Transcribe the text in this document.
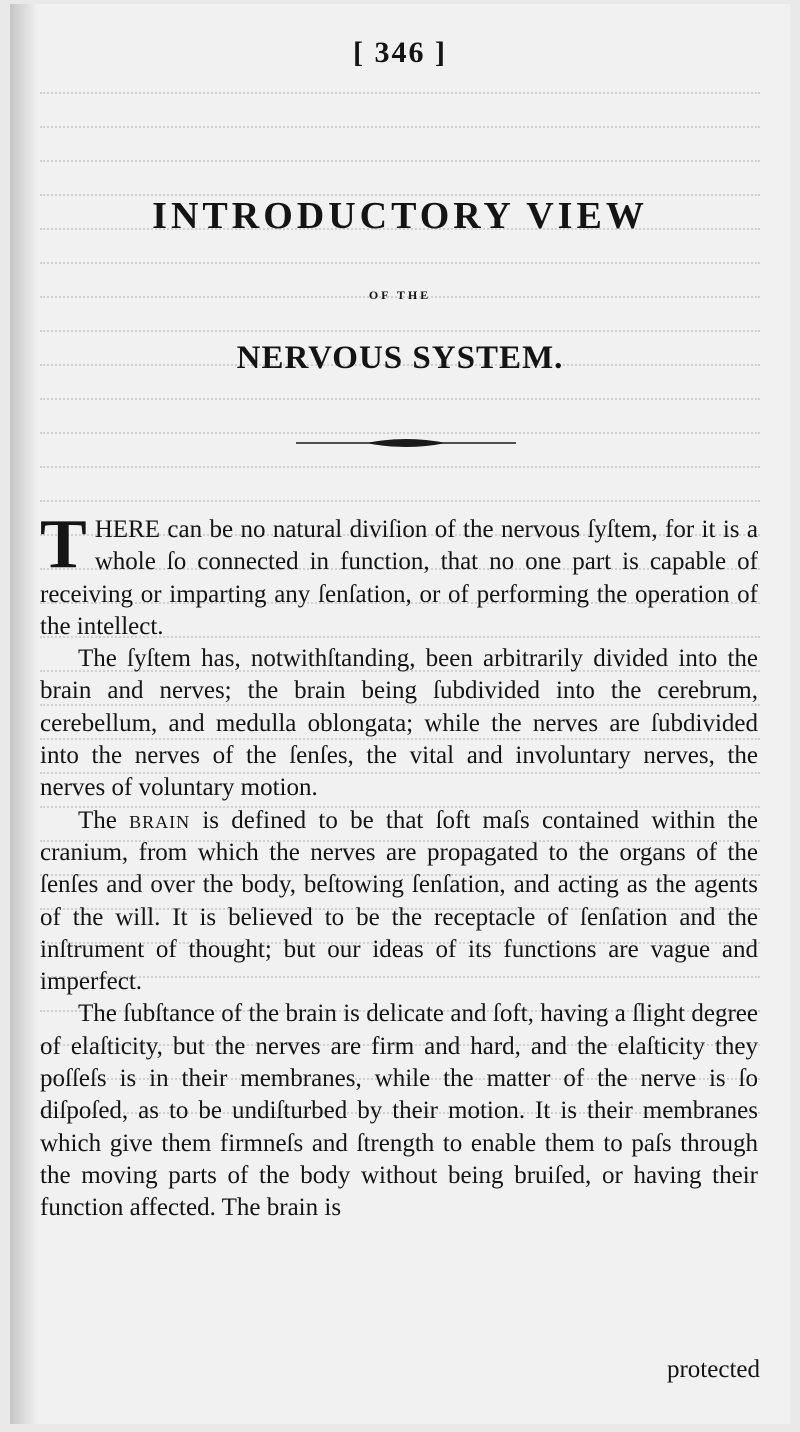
[ 346 ]
INTRODUCTORY VIEW
OF THE
NERVOUS SYSTEM.

THERE can be no natural diviſion of the nervous ſyſtem, for it is a whole ſo connected in function, that no one part is capable of receiving or imparting any ſenſation, or of performing the operation of the intellect.

The ſyſtem has, notwithſtanding, been arbitrarily divided into the brain and nerves; the brain being ſubdivided into the cerebrum, cerebellum, and medulla oblongata; while the nerves are ſubdivided into the nerves of the ſenſes, the vital and involuntary nerves, the nerves of voluntary motion.

The brain is defined to be that ſoft maſs contained within the cranium, from which the nerves are propagated to the organs of the ſenſes and over the body, beſtowing ſenſation, and acting as the agents of the will. It is believed to be the receptacle of ſenſation and the inſtrument of thought; but our ideas of its functions are vague and imperfect.

The ſubſtance of the brain is delicate and ſoft, having a ſlight degree of elaſticity, but the nerves are firm and hard, and the elaſticity they poſſeſs is in their membranes, while the matter of the nerve is ſo diſpoſed, as to be undiſturbed by their motion. It is their membranes which give them firmneſs and ſtrength to enable them to paſs through the moving parts of the body without being bruiſed, or having their function affected. The brain is

protected
